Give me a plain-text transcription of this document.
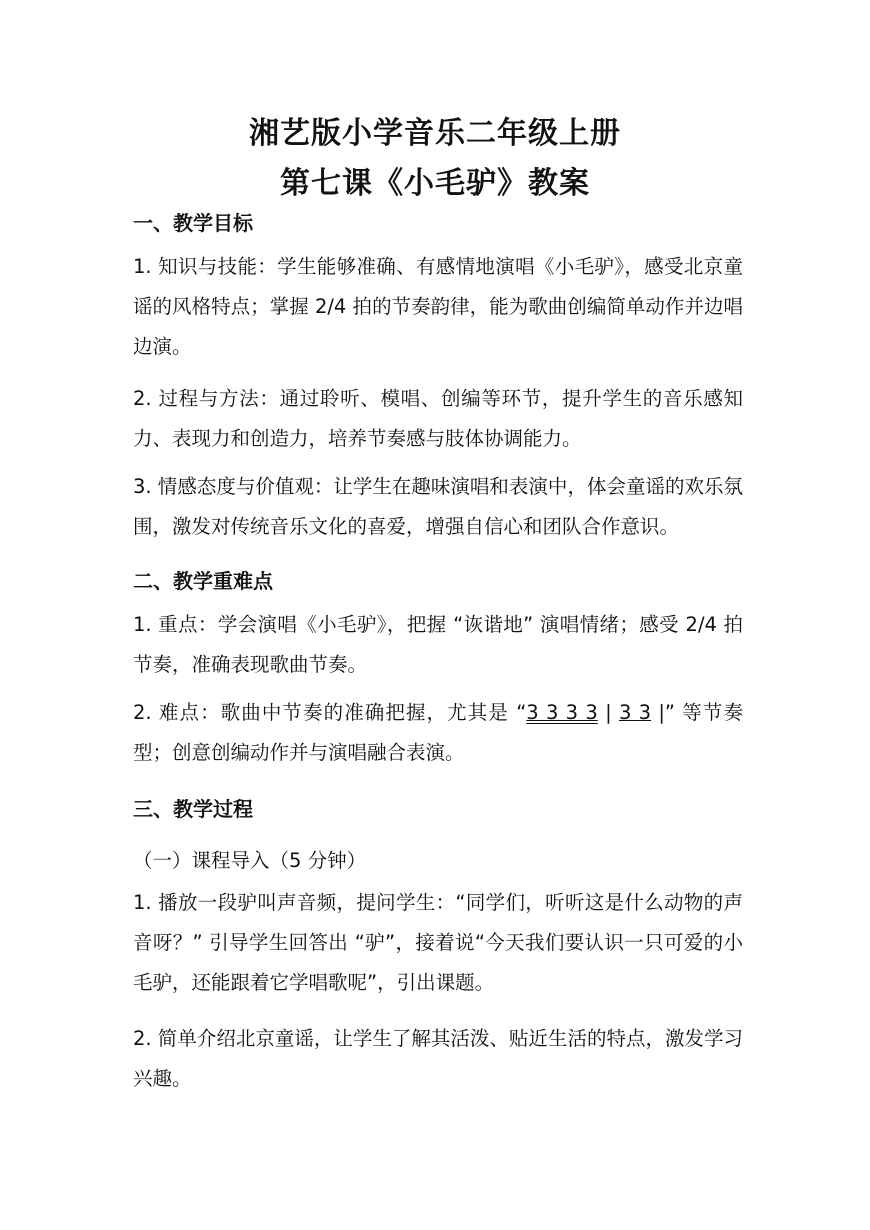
湘艺版小学音乐二年级上册
第七课《小毛驴》教案
一、教学目标
1. 知识与技能：学生能够准确、有感情地演唱《小毛驴》，感受北京童谣的风格特点；掌握 2/4 拍的节奏韵律，能为歌曲创编简单动作并边唱边演。
2. 过程与方法：通过聆听、模唱、创编等环节，提升学生的音乐感知力、表现力和创造力，培养节奏感与肢体协调能力。
3. 情感态度与价值观：让学生在趣味演唱和表演中，体会童谣的欢乐氛围，激发对传统音乐文化的喜爱，增强自信心和团队合作意识。
二、教学重难点
1. 重点：学会演唱《小毛驴》，把握 “诙谐地” 演唱情绪；感受 2/4 拍节奏，准确表现歌曲节奏。
2. 难点：歌曲中节奏的准确把握，尤其是 “3 3 3 3 | 3 3 |” 等节奏型；创意创编动作并与演唱融合表演。
三、教学过程
（一）课程导入（5 分钟）
1. 播放一段驴叫声音频，提问学生：“同学们，听听这是什么动物的声音呀？” 引导学生回答出 “驴”，接着说“今天我们要认识一只可爱的小毛驴，还能跟着它学唱歌呢”，引出课题。
2. 简单介绍北京童谣，让学生了解其活泼、贴近生活的特点，激发学习兴趣。
